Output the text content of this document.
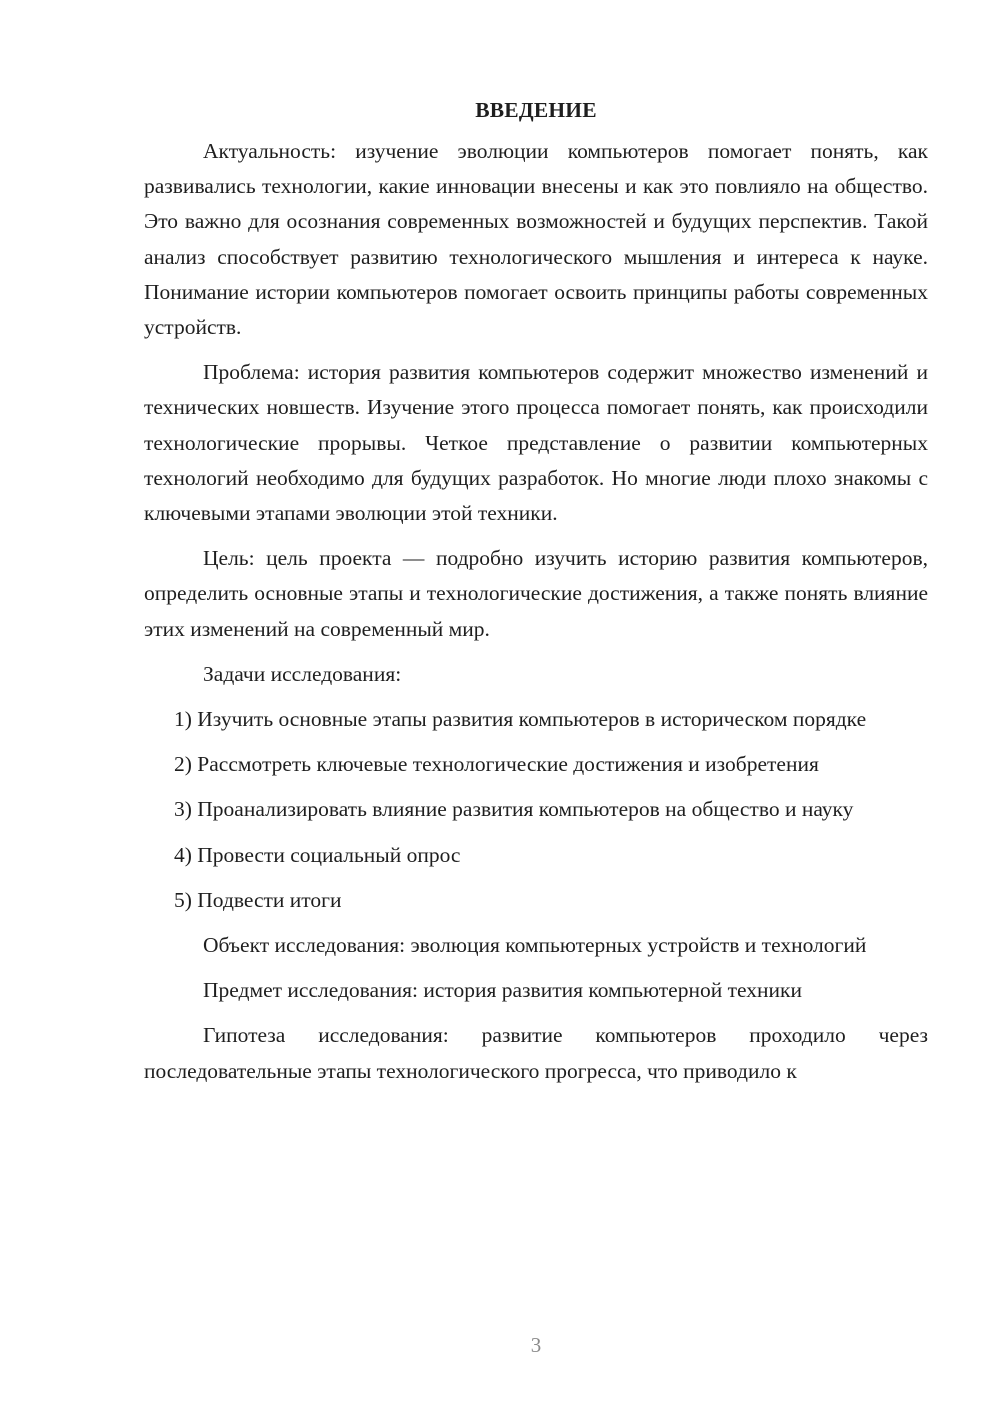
ВВЕДЕНИЕ

Актуальность: изучение эволюции компьютеров помогает понять, как развивались технологии, какие инновации внесены и как это повлияло на общество. Это важно для осознания современных возможностей и будущих перспектив. Такой анализ способствует развитию технологического мышления и интереса к науке. Понимание истории компьютеров помогает освоить принципы работы современных устройств.

Проблема: история развития компьютеров содержит множество изменений и технических новшеств. Изучение этого процесса помогает понять, как происходили технологические прорывы. Четкое представление о развитии компьютерных технологий необходимо для будущих разработок. Но многие люди плохо знакомы с ключевыми этапами эволюции этой техники.

Цель: цель проекта — подробно изучить историю развития компьютеров, определить основные этапы и технологические достижения, а также понять влияние этих изменений на современный мир.

Задачи исследования:

1) Изучить основные этапы развития компьютеров в историческом порядке

2) Рассмотреть ключевые технологические достижения и изобретения

3) Проанализировать влияние развития компьютеров на общество и науку

4) Провести социальный опрос

5) Подвести итоги

Объект исследования: эволюция компьютерных устройств и технологий

Предмет исследования: история развития компьютерной техники

Гипотеза исследования: развитие компьютеров проходило через последовательные этапы технологического прогресса, что приводило к

3
